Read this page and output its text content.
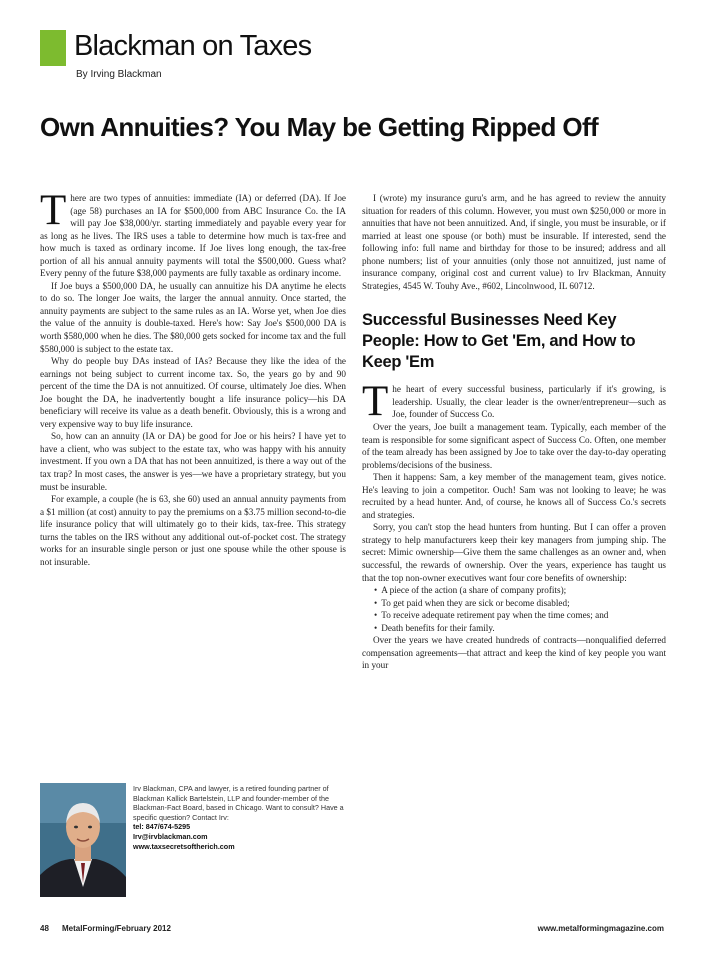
Blackman on Taxes
By Irving Blackman
Own Annuities? You May be Getting Ripped Off

There are two types of annuities: immediate (IA) or deferred (DA). If Joe (age 58) purchases an IA for $500,000 from ABC Insurance Co. the IA will pay Joe $38,000/yr. starting immediately and payable every year for as long as he lives. The IRS uses a table to determine how much is tax-free and how much is taxed as ordinary income. If Joe lives long enough, the tax-free portion of all his annual annuity payments will total the $500,000. Guess what? Every penny of the future $38,000 payments are fully taxable as ordinary income.

If Joe buys a $500,000 DA, he usually can annuitize his DA anytime he elects to do so. The longer Joe waits, the larger the annual annuity. Once started, the annuity payments are subject to the same rules as an IA. Worse yet, when Joe dies the value of the annuity is double-taxed. Here's how: Say Joe's $500,000 DA is worth $580,000 when he dies. The $80,000 gets socked for income tax and the full $580,000 is subject to the estate tax.

Why do people buy DAs instead of IAs? Because they like the idea of the earnings not being subject to current income tax. So, the years go by and 90 percent of the time the DA is not annuitized. Of course, ultimately Joe dies. When Joe bought the DA, he inadvertently bought a life insurance policy—his DA beneficiary will receive its value as a death benefit. Obviously, this is a wrong and very expensive way to buy life insurance.

So, how can an annuity (IA or DA) be good for Joe or his heirs? I have yet to have a client, who was subject to the estate tax, who was happy with his annuity investment. If you own a DA that has not been annuitized, is there a way out of the tax trap? In most cases, the answer is yes—we have a proprietary strategy, but you must be insurable.

For example, a couple (he is 63, she 60) used an annual annuity payments from a $1 million (at cost) annuity to pay the premiums on a $3.75 million second-to-die life insurance policy that will ultimately go to their kids, tax-free. This strategy turns the tables on the IRS without any additional out-of-pocket cost. The strategy works for an insurable single person or just one spouse while the other spouse is not insurable.

I (wrote) my insurance guru's arm, and he has agreed to review the annuity situation for readers of this column. However, you must own $250,000 or more in annuities that have not been annuitized. And, if single, you must be insurable, or if married at least one spouse (or both) must be insurable. If interested, send the following info: full name and birthday for those to be insured; address and all phone numbers; list of your annuities (only those not annuitized, just name of insurance company, original cost and current value) to Irv Blackman, Annuity Strategies, 4545 W. Touhy Ave., #602, Lincolnwood, IL 60712.

Successful Businesses Need Key People: How to Get 'Em, and How to Keep 'Em

The heart of every successful business, particularly if it's growing, is leadership. Usually, the clear leader is the owner/entrepreneur—such as Joe, founder of Success Co.

Over the years, Joe built a management team. Typically, each member of the team is responsible for some significant aspect of Success Co. Often, one member of the team already has been assigned by Joe to take over the day-to-day operating problems/decisions of the business.

Then it happens: Sam, a key member of the management team, gives notice. He's leaving to join a competitor. Ouch! Sam was not looking to leave; he was recruited by a head hunter. And, of course, he knows all of Success Co.'s secrets and strategies.

Sorry, you can't stop the head hunters from hunting. But I can offer a proven strategy to help manufacturers keep their key managers from jumping ship. The secret: Mimic ownership—Give them the same challenges as an owner and, when successful, the rewards of ownership. Over the years, experience has taught us that the top non-owner executives want four core benefits of ownership:

• A piece of the action (a share of company profits);
• To get paid when they are sick or become disabled;
• To receive adequate retirement pay when the time comes; and
• Death benefits for their family.

Over the years we have created hundreds of contracts—nonqualified deferred compensation agreements—that attract and keep the kind of key people you want in your

Irv Blackman, CPA and lawyer, is a retired founding partner of Blackman Kallick Bartelstein, LLP and founder-member of the Blackman-Fact Board, based in Chicago. Want to consult? Have a specific question? Contact Irv:
tel: 847/674-5295
Irv@irvblackman.com
www.taxsecretsoftherich.com
48 MetalForming/February 2012	www.metalformingmagazine.com
